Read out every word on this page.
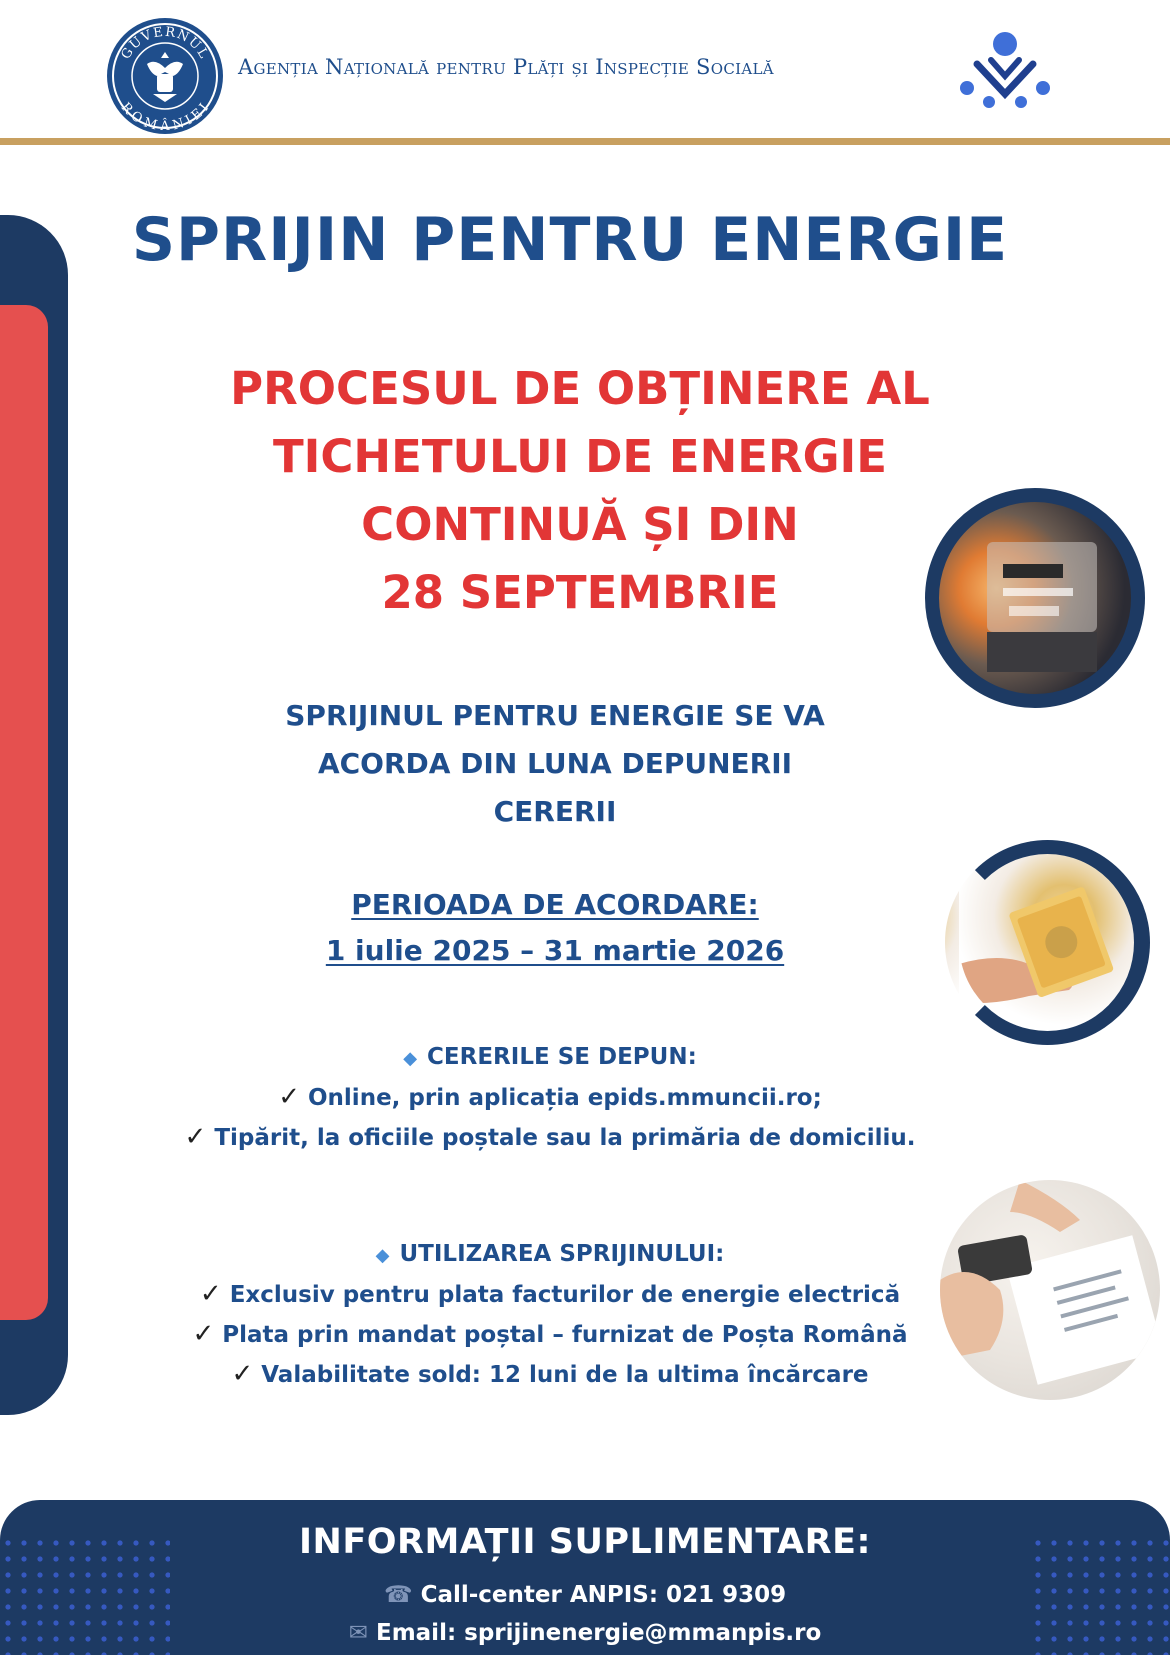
GUVERNUL
ROMÂNIEI
Agenția Națională pentru Plăți și Inspecție Socială
SPRIJIN PENTRU ENERGIE
PROCESUL DE OBȚINERE AL
TICHETULUI DE ENERGIE
CONTINUĂ ȘI DIN
28 SEPTEMBRIE
SPRIJINUL PENTRU ENERGIE SE VA
ACORDA DIN LUNA DEPUNERII
CERERII
PERIOADA DE ACORDARE:
1 iulie 2025 – 31 martie 2026
◆ CERERILE SE DEPUN:
✓ Online, prin aplicația epids.mmuncii.ro;
✓ Tipărit, la oficiile poștale sau la primăria de domiciliu.
◆ UTILIZAREA SPRIJINULUI:
✓ Exclusiv pentru plata facturilor de energie electrică
✓ Plata prin mandat poștal – furnizat de Poșta Română
✓ Valabilitate sold: 12 luni de la ultima încărcare
INFORMAȚII SUPLIMENTARE:
☎ Call-center ANPIS: 021 9309
✉ Email: sprijinenergie@mmanpis.ro
